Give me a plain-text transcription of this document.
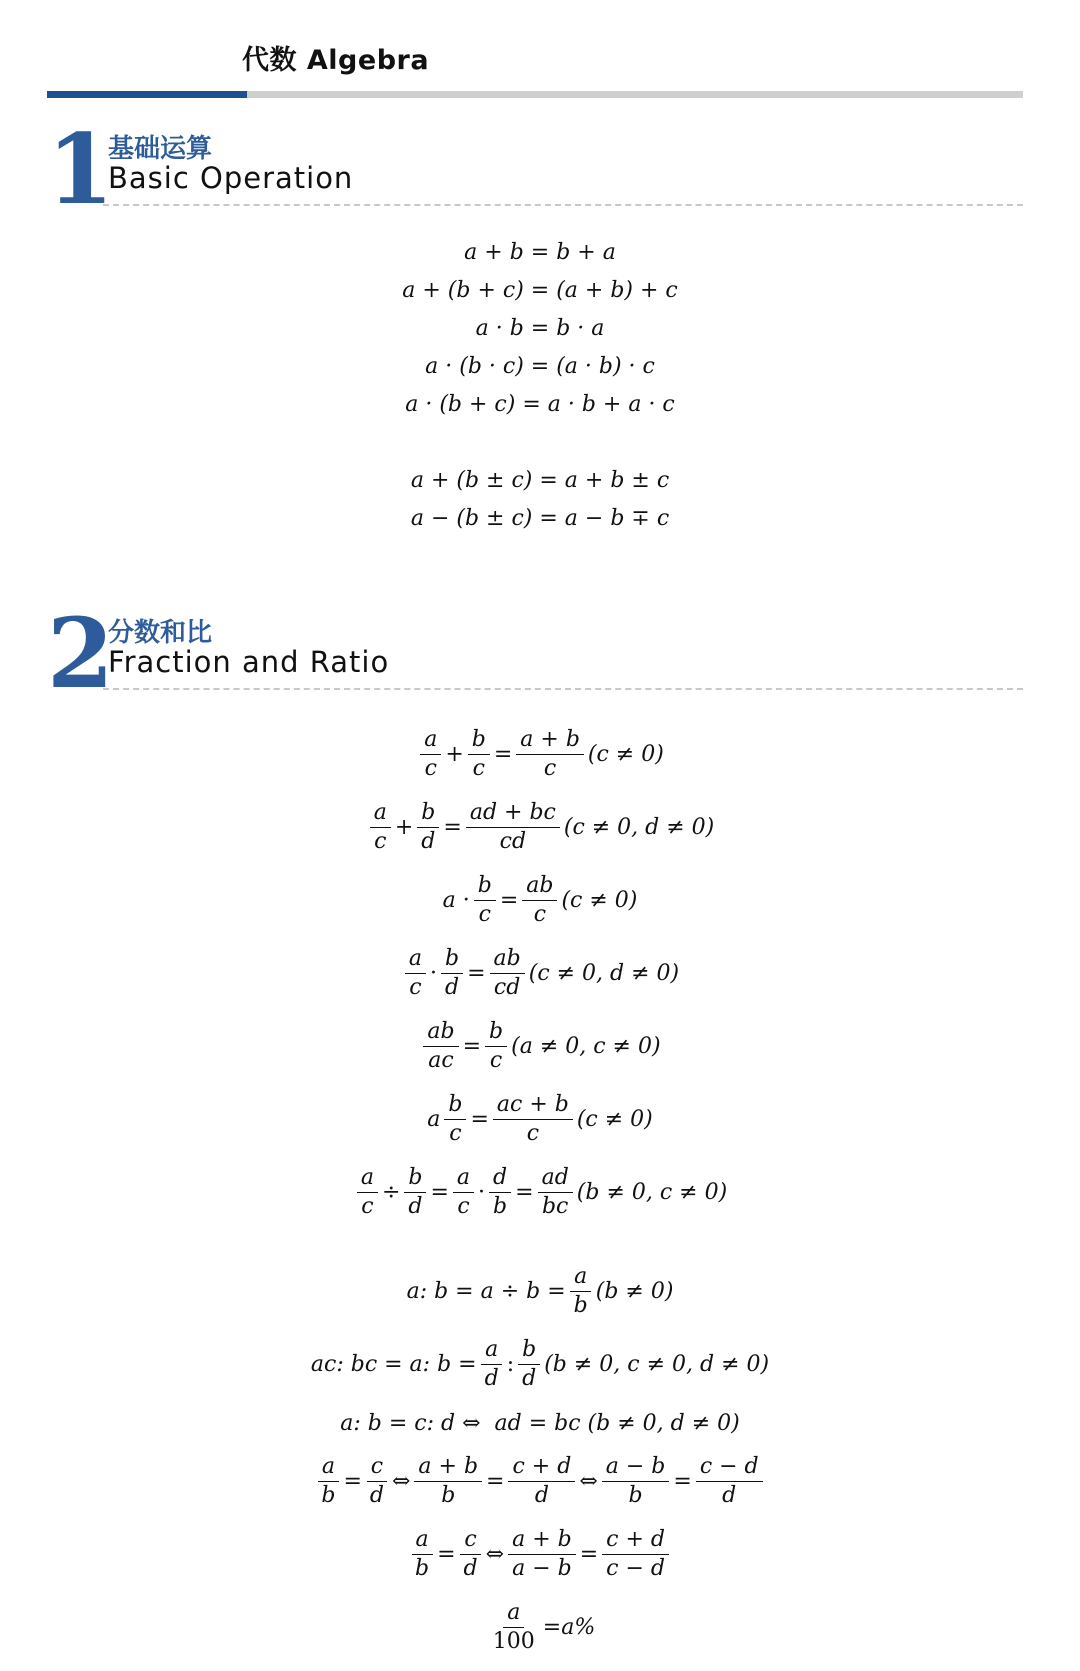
代数 Algebra
1
基础运算
Basic Operation
a + b = b + a
a + (b + c) = (a + b) + c
a · b = b · a
a · (b · c) = (a · b) · c
a · (b + c) = a · b + a · c
a + (b ± c) = a + b ± c
a − (b ± c) = a − b ∓ c
2
分数和比
Fraction and Ratio
$\frac{a}{c} + \frac{b}{c} = \frac{a + b}{c} (c \ne 0)$
$\frac{a}{c} + \frac{b}{d} = \frac{ad + bc}{cd} (c \ne 0$, d ≠ 0)
$a \cdot \frac{b}{c} = \frac{ab}{c} (c \ne 0)$
$\frac{a}{c} \cdot \frac{b}{d} = \frac{ab}{cd} (c \ne 0$, d ≠ 0)
$\frac{ab}{ac} = \frac{b}{c} (a \ne 0$, c ≠ 0)
a $\frac{b}{c} = \frac{ac + b}{c} (c \ne 0)$
$\frac{a}{c} \div \frac{b}{d} = \frac{a}{c} \cdot \frac{d}{b} = \frac{ad}{bc} (b \ne 0$, c ≠ 0)
a: $b = a \div b = \frac{a}{b} (b \ne 0)$
ac: bc = a: $b = \frac{a}{d}$ : $\frac{b}{d} (b \ne 0$, c ≠ 0, d ≠ 0)
a: b = c: d ⇔  ad = bc (b ≠ 0, d ≠ 0)
$\frac{a}{b} = \frac{c}{d}$ ⇔ $\frac{a + b}{b} = \frac{c + d}{d}$ ⇔ $\frac{a - b}{b} = \frac{c - d}{d}$
$\frac{a}{b} = \frac{c}{d}$ ⇔ $\frac{a + b}{a - b} = \frac{c + d}{c - d}$
$\frac{a}{100} = a\%$
